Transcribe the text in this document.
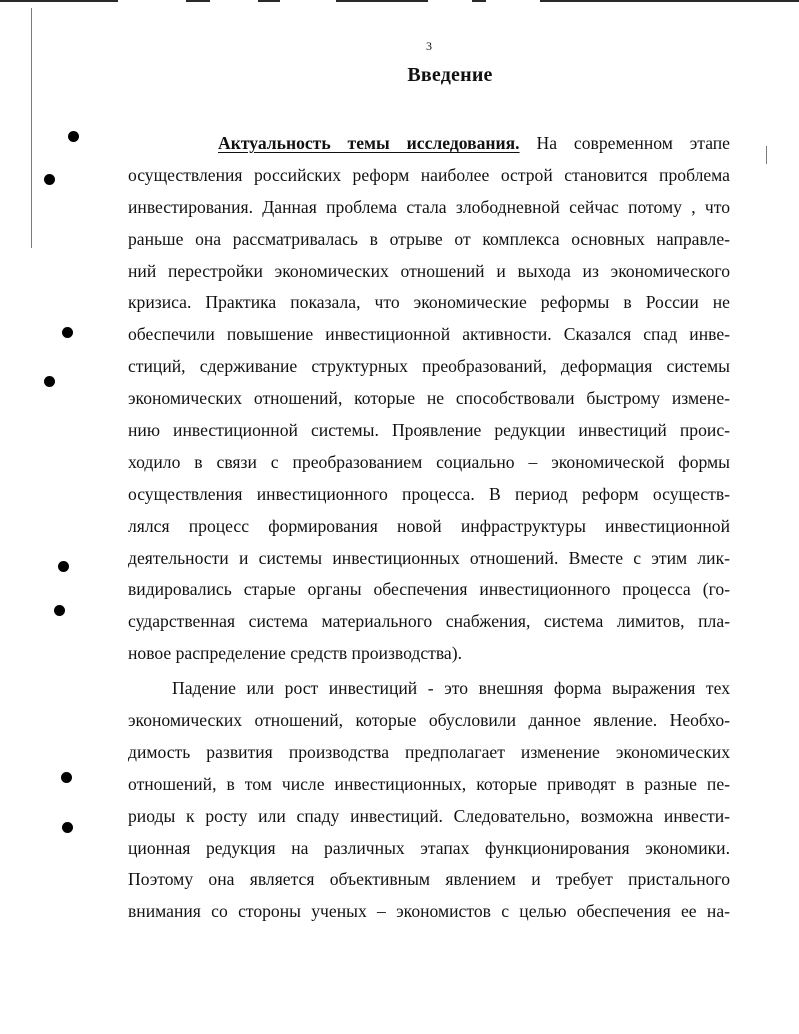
3
Введение
Актуальность темы исследования. На современном этапе
осуществления российских реформ наиболее острой становится проблема
инвестирования. Данная проблема стала злободневной сейчас потому , что
раньше она рассматривалась в отрыве от комплекса основных направле-
ний перестройки экономических отношений и выхода из экономического
кризиса. Практика показала, что экономические реформы в России не
обеспечили повышение инвестиционной активности. Сказался спад инве-
стиций, сдерживание структурных преобразований, деформация системы
экономических отношений, которые не способствовали быстрому измене-
нию инвестиционной системы. Проявление редукции инвестиций проис-
ходило в связи с преобразованием социально – экономической формы
осуществления инвестиционного процесса. В период реформ осуществ-
лялся процесс формирования новой инфраструктуры инвестиционной
деятельности и системы инвестиционных отношений. Вместе с этим лик-
видировались старые органы обеспечения инвестиционного процесса (го-
сударственная система материального снабжения, система лимитов, пла-
новое распределение средств производства).
Падение или рост инвестиций - это внешняя форма выражения тех
экономических отношений, которые обусловили данное явление. Необхо-
димость развития производства предполагает изменение экономических
отношений, в том числе инвестиционных, которые приводят в разные пе-
риоды к росту или спаду инвестиций. Следовательно, возможна инвести-
ционная редукция на различных этапах функционирования экономики.
Поэтому она является объективным явлением и требует пристального
внимания со стороны ученых – экономистов с целью обеспечения ее на-
